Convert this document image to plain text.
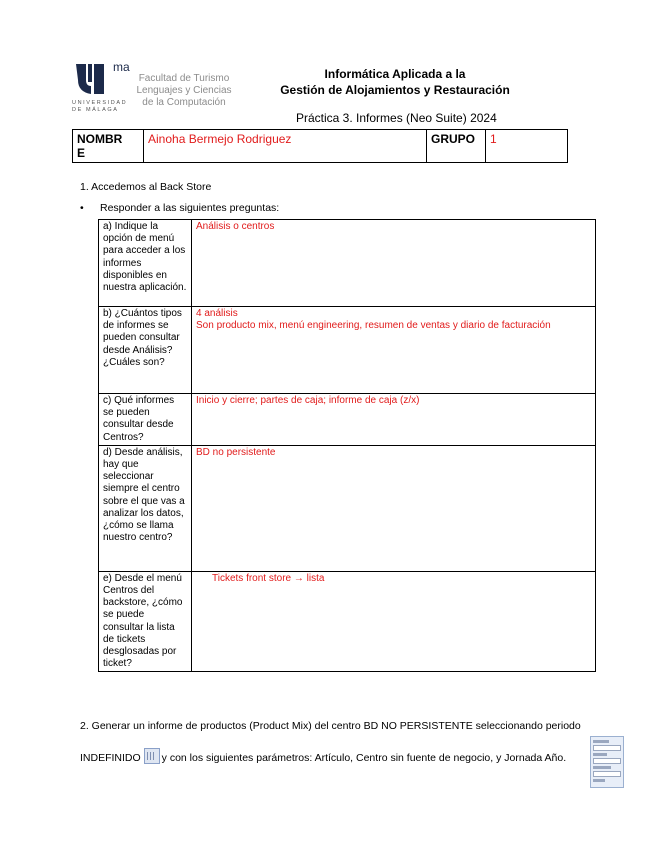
ma
UNIVERSIDAD
DE MÁLAGA
Facultad de Turismo
Lenguajes y Ciencias
de la Computación
Informática Aplicada a la
Gestión de Alojamientos y Restauración
Práctica 3. Informes (Neo Suite) 2024
NOMBR
E
	Ainoha Bermejo Rodriguez	GRUPO	1
1. Accedemos al Back Store
• Responder a las siguientes preguntas:
a) Indique la opción de menú para acceder a los informes disponibles en nuestra aplicación.	Análisis o centros

b) ¿Cuántos tipos de informes se pueden consultar desde Análisis? ¿Cuáles son?	4 análisis
Son producto mix, menú engineering, resumen de ventas y diario de facturación

c) Qué informes se pueden consultar desde Centros?	Inicio y cierre; partes de caja; informe de caja (z/x)

d) Desde análisis, hay que seleccionar siempre el centro sobre el que vas a analizar los datos, ¿cómo se llama nuestro centro?	BD no persistente

e) Desde el menú Centros del backstore, ¿cómo se puede consultar la lista de tickets desglosadas por ticket?	Tickets front store → lista
2. Generar un informe de productos (Product Mix) del centro BD NO PERSISTENTE seleccionando periodo
INDEFINIDO y con los siguientes parámetros: Artículo, Centro sin fuente de negocio, y Jornada Año.
